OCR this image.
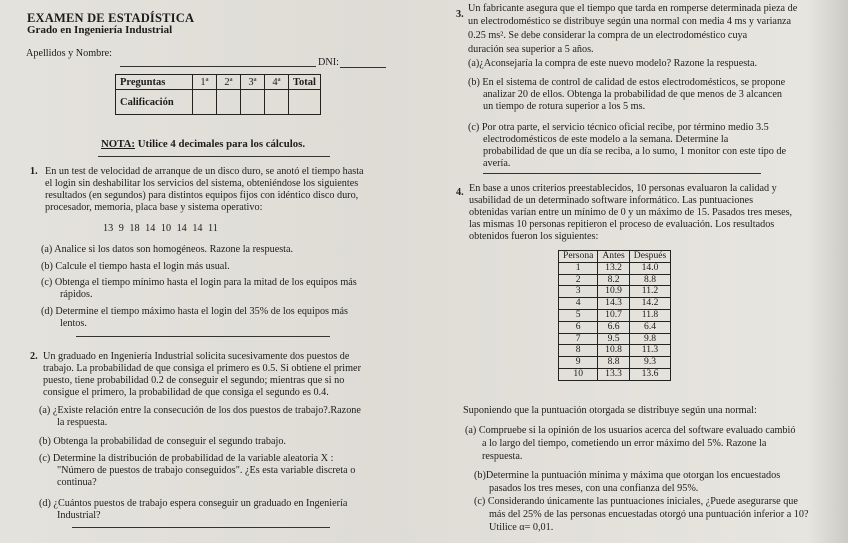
EXAMEN DE ESTADÍSTICA
Grado en Ingeniería Industrial
Apellidos y Nombre:
DNI:
Preguntas	1ª	2ª	3ª	4ª	Total
Calificación					
NOTA: Utilice 4 decimales para los cálculos.
1. En un test de velocidad de arranque de un disco duro, se anotó el tiempo hasta
el login sin deshabilitar los servicios del sistema, obteniéndose los siguientes
resultados (en segundos) para distintos equipos fijos con idéntico disco duro,
procesador, memoria, placa base y sistema operativo:
13 9 18 14 10 14 14 11
(a) Analice si los datos son homogéneos. Razone la respuesta.
(b) Calcule el tiempo hasta el login más usual.
(c) Obtenga el tiempo mínimo hasta el login para la mitad de los equipos más
rápidos.
(d) Determine el tiempo máximo hasta el login del 35% de los equipos más
lentos.
2. Un graduado en Ingeniería Industrial solicita sucesivamente dos puestos de
trabajo. La probabilidad de que consiga el primero es 0.5. Si obtiene el primer
puesto, tiene probabilidad 0.2 de conseguir el segundo; mientras que si no
consigue el primero, la probabilidad de que consiga el segundo es 0.4.
(a) ¿Existe relación entre la consecución de los dos puestos de trabajo?.Razone
la respuesta.
(b) Obtenga la probabilidad de conseguir el segundo trabajo.
(c) Determine la distribución de probabilidad de la variable aleatoria X :
"Número de puestos de trabajo conseguidos". ¿Es esta variable discreta o
continua?
(d) ¿Cuántos puestos de trabajo espera conseguir un graduado en Ingeniería
Industrial?
3.
Un fabricante asegura que el tiempo que tarda en romperse determinada pieza de
un electrodoméstico se distribuye según una normal con media 4 ms y varianza
0.25 ms². Se debe considerar la compra de un electrodoméstico cuya
duración sea superior a 5 años.
(a)¿Aconsejaría la compra de este nuevo modelo? Razone la respuesta.
(b) En el sistema de control de calidad de estos electrodomésticos, se propone
analizar 20 de ellos. Obtenga la probabilidad de que menos de 3 alcancen
un tiempo de rotura superior a los 5 ms.
(c) Por otra parte, el servicio técnico oficial recibe, por término medio 3.5
electrodomésticos de este modelo a la semana. Determine la
probabilidad de que un día se reciba, a lo sumo, 1 monitor con este tipo de
avería.
4. En base a unos criterios preestablecidos, 10 personas evaluaron la calidad y
usabilidad de un determinado software informático. Las puntuaciones
obtenidas varían entre un mínimo de 0 y un máximo de 15. Pasados tres meses,
las mismas 10 personas repitieron el proceso de evaluación. Los resultados
obtenidos fueron los siguientes:
Persona	Antes	Después
1	13.2	14.0
2	8.2	8.8
3	10.9	11.2
4	14.3	14.2
5	10.7	11.8
6	6.6	6.4
7	9.5	9.8
8	10.8	11.3
9	8.8	9.3
10	13.3	13.6
Suponiendo que la puntuación otorgada se distribuye según una normal:
(a) Compruebe si la opinión de los usuarios acerca del software evaluado cambió
a lo largo del tiempo, cometiendo un error máximo del 5%. Razone la
respuesta.
(b)Determine la puntuación mínima y máxima que otorgan los encuestados
pasados los tres meses, con una confianza del 95%.
(c) Considerando únicamente las puntuaciones iniciales, ¿Puede asegurarse que
más del 25% de las personas encuestadas otorgó una puntuación inferior a 10?
Utilice α= 0,01.
